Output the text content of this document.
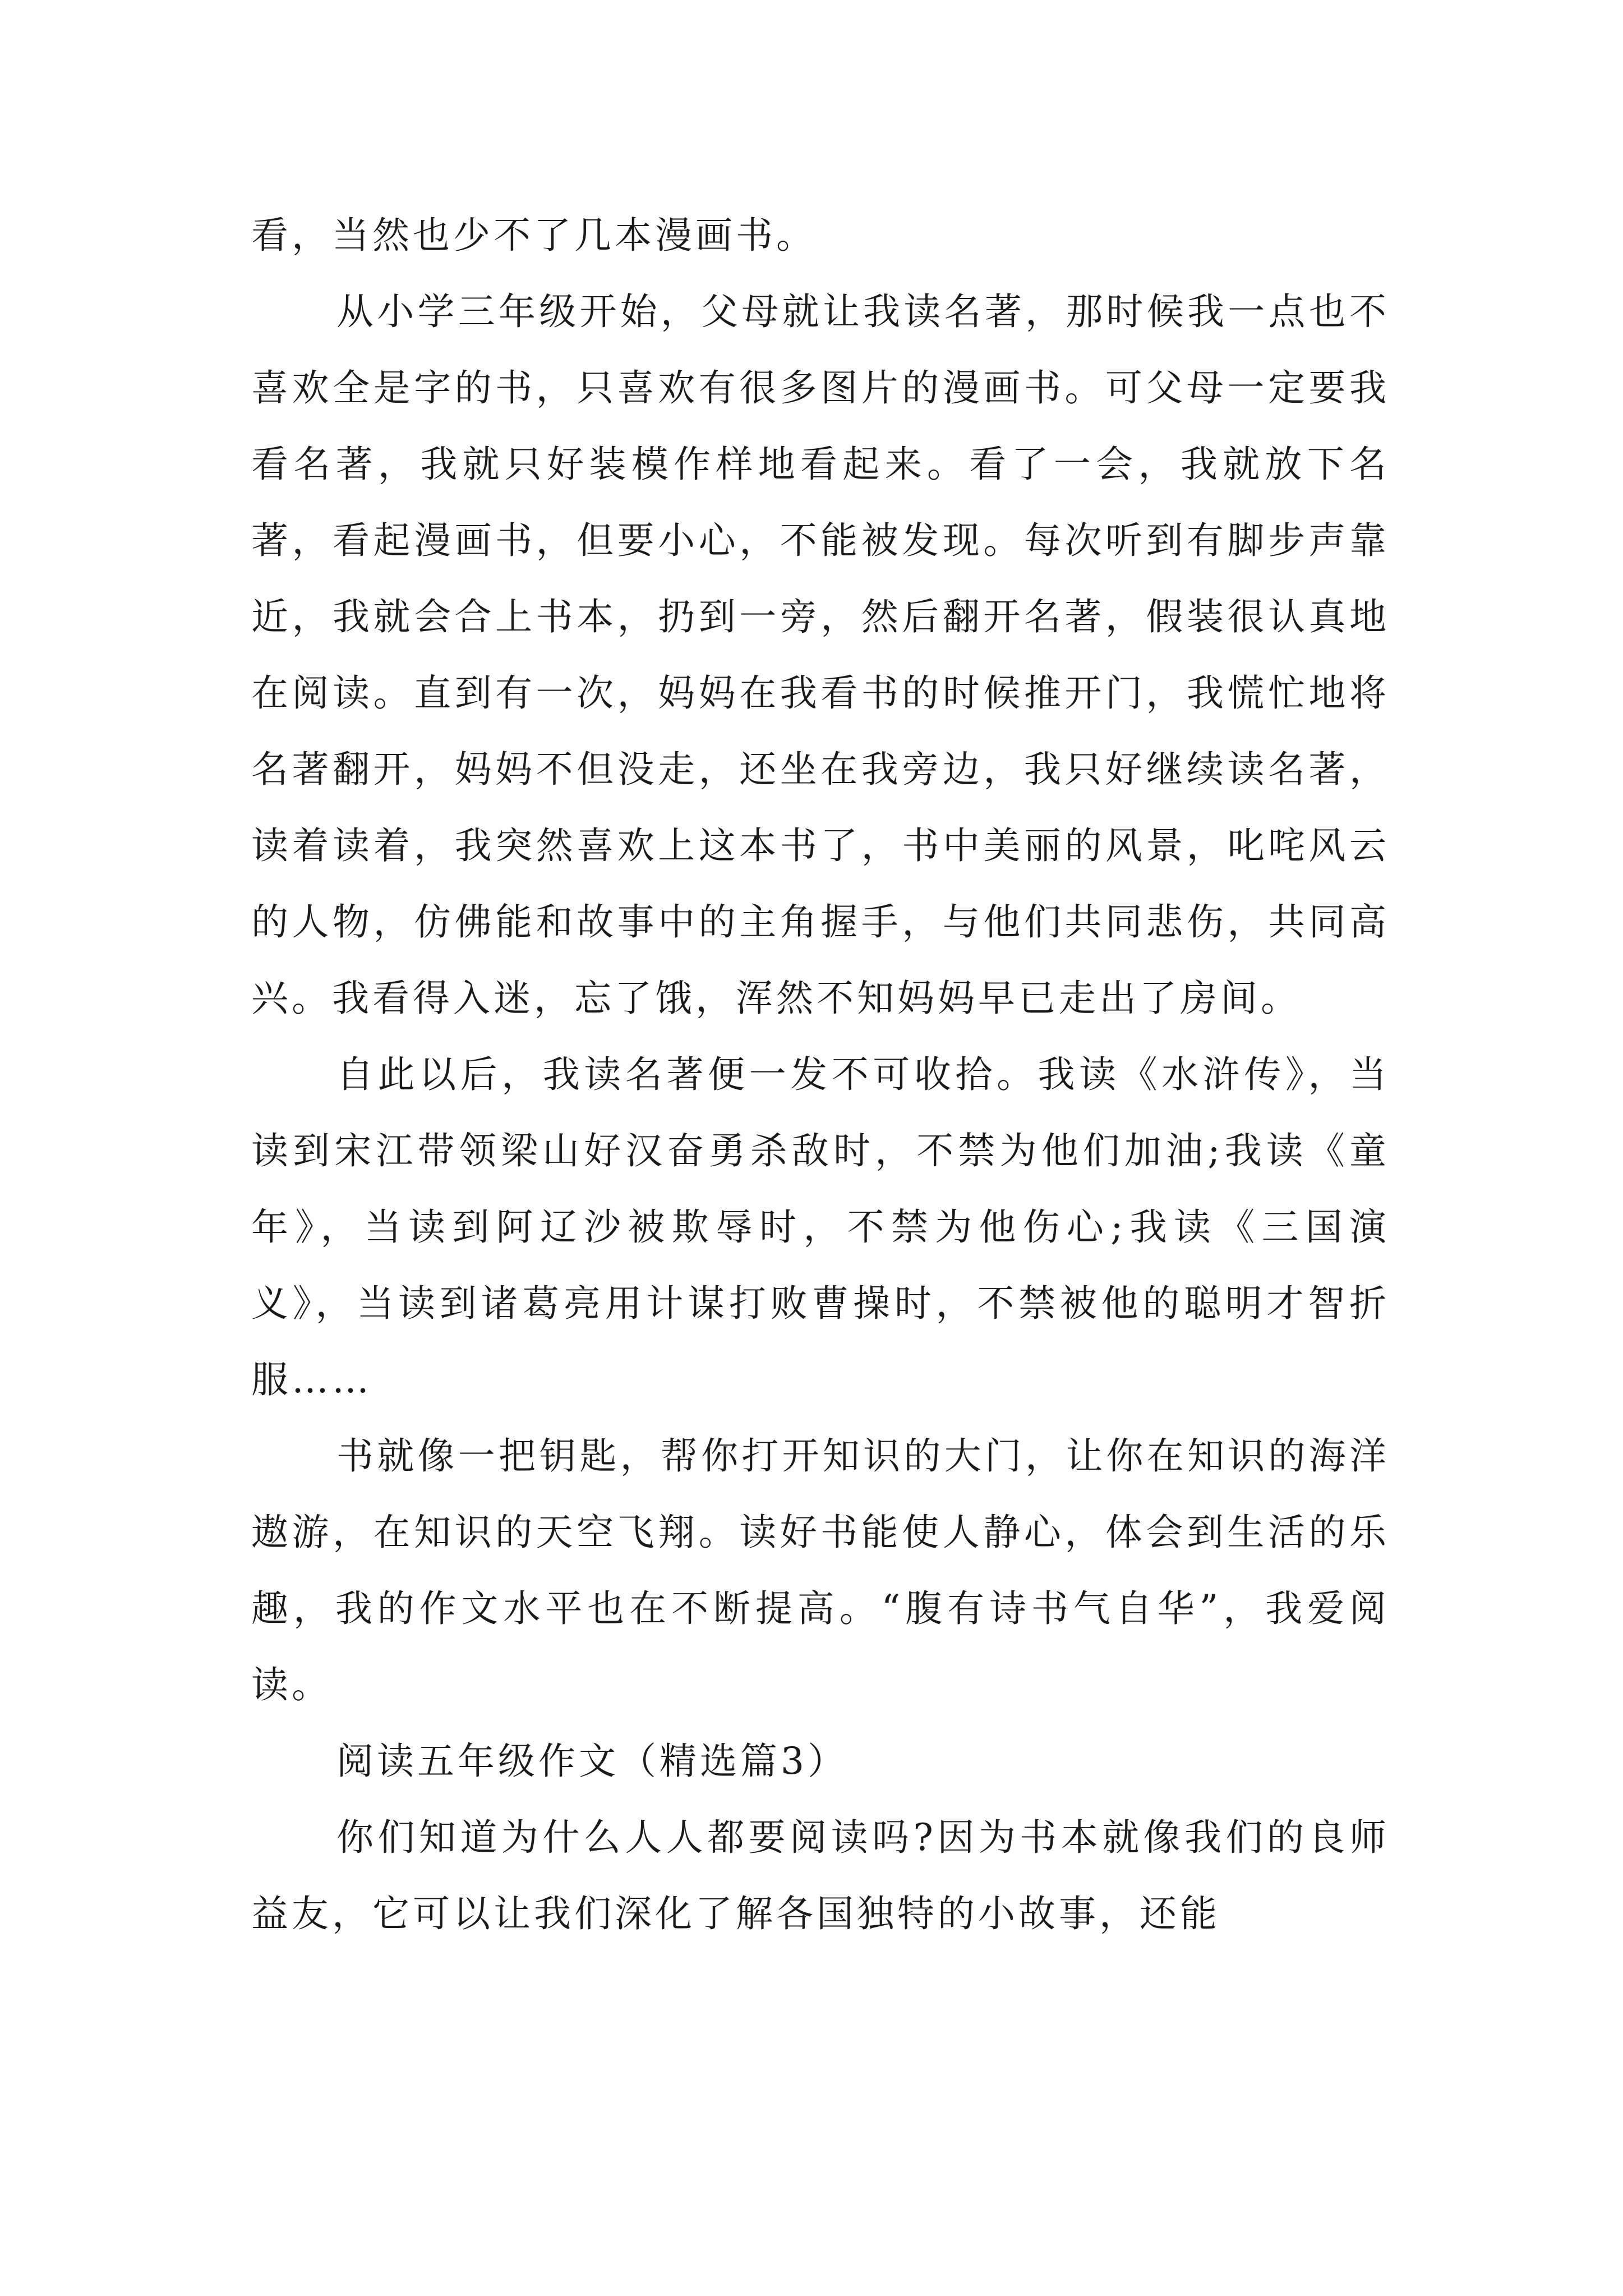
看，当然也少不了几本漫画书。

从小学三年级开始，父母就让我读名著，那时候我一点也不喜欢全是字的书，只喜欢有很多图片的漫画书。可父母一定要我看名著，我就只好装模作样地看起来。看了一会，我就放下名著，看起漫画书，但要小心，不能被发现。每次听到有脚步声靠近，我就会合上书本，扔到一旁，然后翻开名著，假装很认真地在阅读。直到有一次，妈妈在我看书的时候推开门，我慌忙地将名著翻开，妈妈不但没走，还坐在我旁边，我只好继续读名著，读着读着，我突然喜欢上这本书了，书中美丽的风景，叱咤风云的人物，仿佛能和故事中的主角握手，与他们共同悲伤，共同高兴。我看得入迷，忘了饿，浑然不知妈妈早已走出了房间。

自此以后，我读名著便一发不可收拾。我读《水浒传》，当读到宋江带领梁山好汉奋勇杀敌时，不禁为他们加油;我读《童年》，当读到阿辽沙被欺辱时，不禁为他伤心;我读《三国演义》，当读到诸葛亮用计谋打败曹操时，不禁被他的聪明才智折服……

书就像一把钥匙，帮你打开知识的大门，让你在知识的海洋遨游，在知识的天空飞翔。读好书能使人静心，体会到生活的乐趣，我的作文水平也在不断提高。“腹有诗书气自华”，我爱阅读。

阅读五年级作文（精选篇3）

你们知道为什么人人都要阅读吗?因为书本就像我们的良师益友，它可以让我们深化了解各国独特的小故事，还能
